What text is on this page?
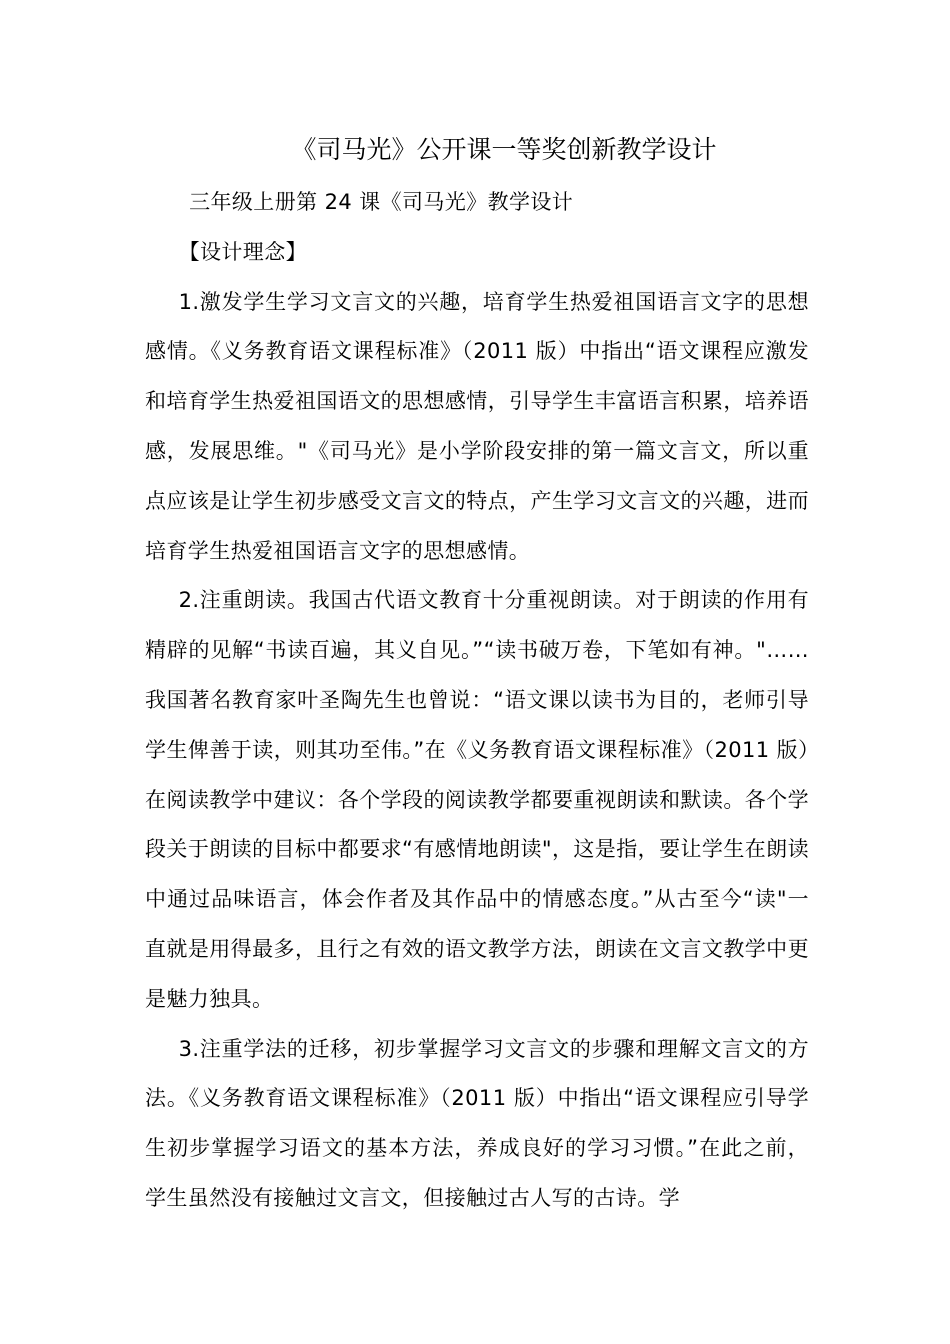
《司马光》公开课一等奖创新教学设计

三年级上册第 24 课《司马光》教学设计

【设计理念】

1.激发学生学习文言文的兴趣，培育学生热爱祖国语言文字的思想感情。《义务教育语文课程标准》（2011 版）中指出“语文课程应激发和培育学生热爱祖国语文的思想感情，引导学生丰富语言积累，培养语感，发展思维。"《司马光》是小学阶段安排的第一篇文言文，所以重点应该是让学生初步感受文言文的特点，产生学习文言文的兴趣，进而培育学生热爱祖国语言文字的思想感情。

2.注重朗读。我国古代语文教育十分重视朗读。对于朗读的作用有精辟的见解“书读百遍，其义自见。”“读书破万卷，下笔如有神。"……我国著名教育家叶圣陶先生也曾说：“语文课以读书为目的，老师引导学生俾善于读，则其功至伟。”在《义务教育语文课程标准》（2011 版）在阅读教学中建议：各个学段的阅读教学都要重视朗读和默读。各个学段关于朗读的目标中都要求“有感情地朗读"，这是指，要让学生在朗读中通过品味语言，体会作者及其作品中的情感态度。”从古至今“读"一直就是用得最多，且行之有效的语文教学方法，朗读在文言文教学中更是魅力独具。

3.注重学法的迁移，初步掌握学习文言文的步骤和理解文言文的方法。《义务教育语文课程标准》（2011 版）中指出“语文课程应引导学生初步掌握学习语文的基本方法，养成良好的学习习惯。”在此之前，学生虽然没有接触过文言文，但接触过古人写的古诗。学
